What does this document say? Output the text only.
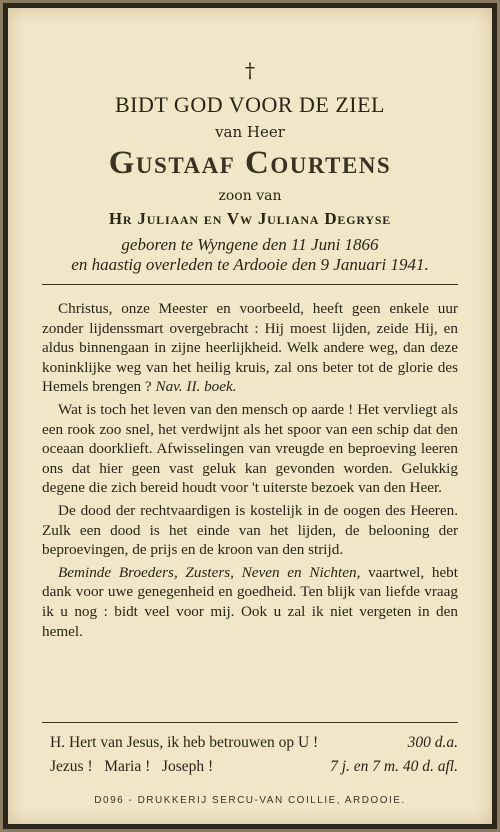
†
BIDT GOD VOOR DE ZIEL
van Heer
Gustaaf Courtens
zoon van
Hr Juliaan en Vw Juliana Degryse
geboren te Wyngene den 11 Juni 1866
en haastig overleden te Ardooie den 9 Januari 1941.

Christus, onze Meester en voorbeeld, heeft geen enkele uur zonder lijdenssmart overgebracht : Hij moest lijden, zeide Hij, en aldus binnengaan in zijne heerlijkheid. Welk andere weg, dan deze koninklijke weg van het heilig kruis, zal ons beter tot de glorie des Hemels brengen ? Nav. II. boek.

Wat is toch het leven van den mensch op aarde ! Het vervliegt als een rook zoo snel, het verdwijnt als het spoor van een schip dat den oceaan doorklieft. Afwisselingen van vreugde en beproeving leeren ons dat hier geen vast geluk kan gevonden worden. Gelukkig degene die zich bereid houdt voor 't uiterste bezoek van den Heer.

De dood der rechtvaardigen is kostelijk in de oogen des Heeren. Zulk een dood is het einde van het lijden, de belooning der beproevingen, de prijs en de kroon van den strijd.

Beminde Broeders, Zusters, Neven en Nichten, vaartwel, hebt dank voor uwe genegenheid en goedheid. Ten blijk van liefde vraag ik u nog : bidt veel voor mij. Ook u zal ik niet vergeten in den hemel.

H. Hert van Jesus, ik heb betrouwen op U !	300 d.a.
Jezus !   Maria !   Joseph !	7 j. en 7 m. 40 d. afl.
D096 - DRUKKERIJ SERCU-VAN COILLIE, ARDOOIE.
